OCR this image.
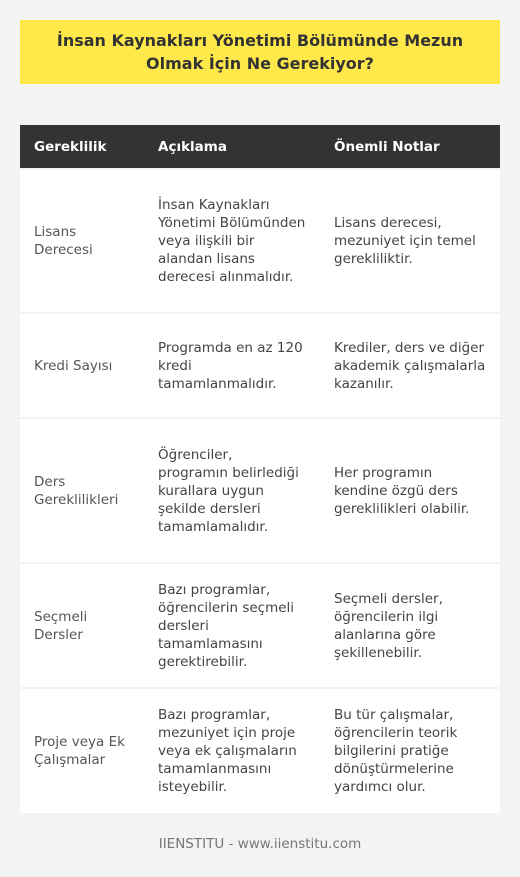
İnsan Kaynakları Yönetimi Bölümünde Mezun Olmak İçin Ne Gerekiyor?
Gereklilik	Açıklama	Önemli Notlar
Lisans Derecesi	İnsan Kaynakları Yönetimi Bölümünden veya ilişkili bir alandan lisans derecesi alınmalıdır.	Lisans derecesi, mezuniyet için temel gerekliliktir.
Kredi Sayısı	Programda en az 120 kredi tamamlanmalıdır.	Krediler, ders ve diğer akademik çalışmalarla kazanılır.
Ders Gereklilikleri	Öğrenciler, programın belirlediği kurallara uygun şekilde dersleri tamamlamalıdır.	Her programın kendine özgü ders gereklilikleri olabilir.
Seçmeli Dersler	Bazı programlar, öğrencilerin seçmeli dersleri tamamlamasını gerektirebilir.	Seçmeli dersler, öğrencilerin ilgi alanlarına göre şekillenebilir.
Proje veya Ek Çalışmalar	Bazı programlar, mezuniyet için proje veya ek çalışmaların tamamlanmasını isteyebilir.	Bu tür çalışmalar, öğrencilerin teorik bilgilerini pratiğe dönüştürmelerine yardımcı olur.
IIENSTITU - www.iienstitu.com
